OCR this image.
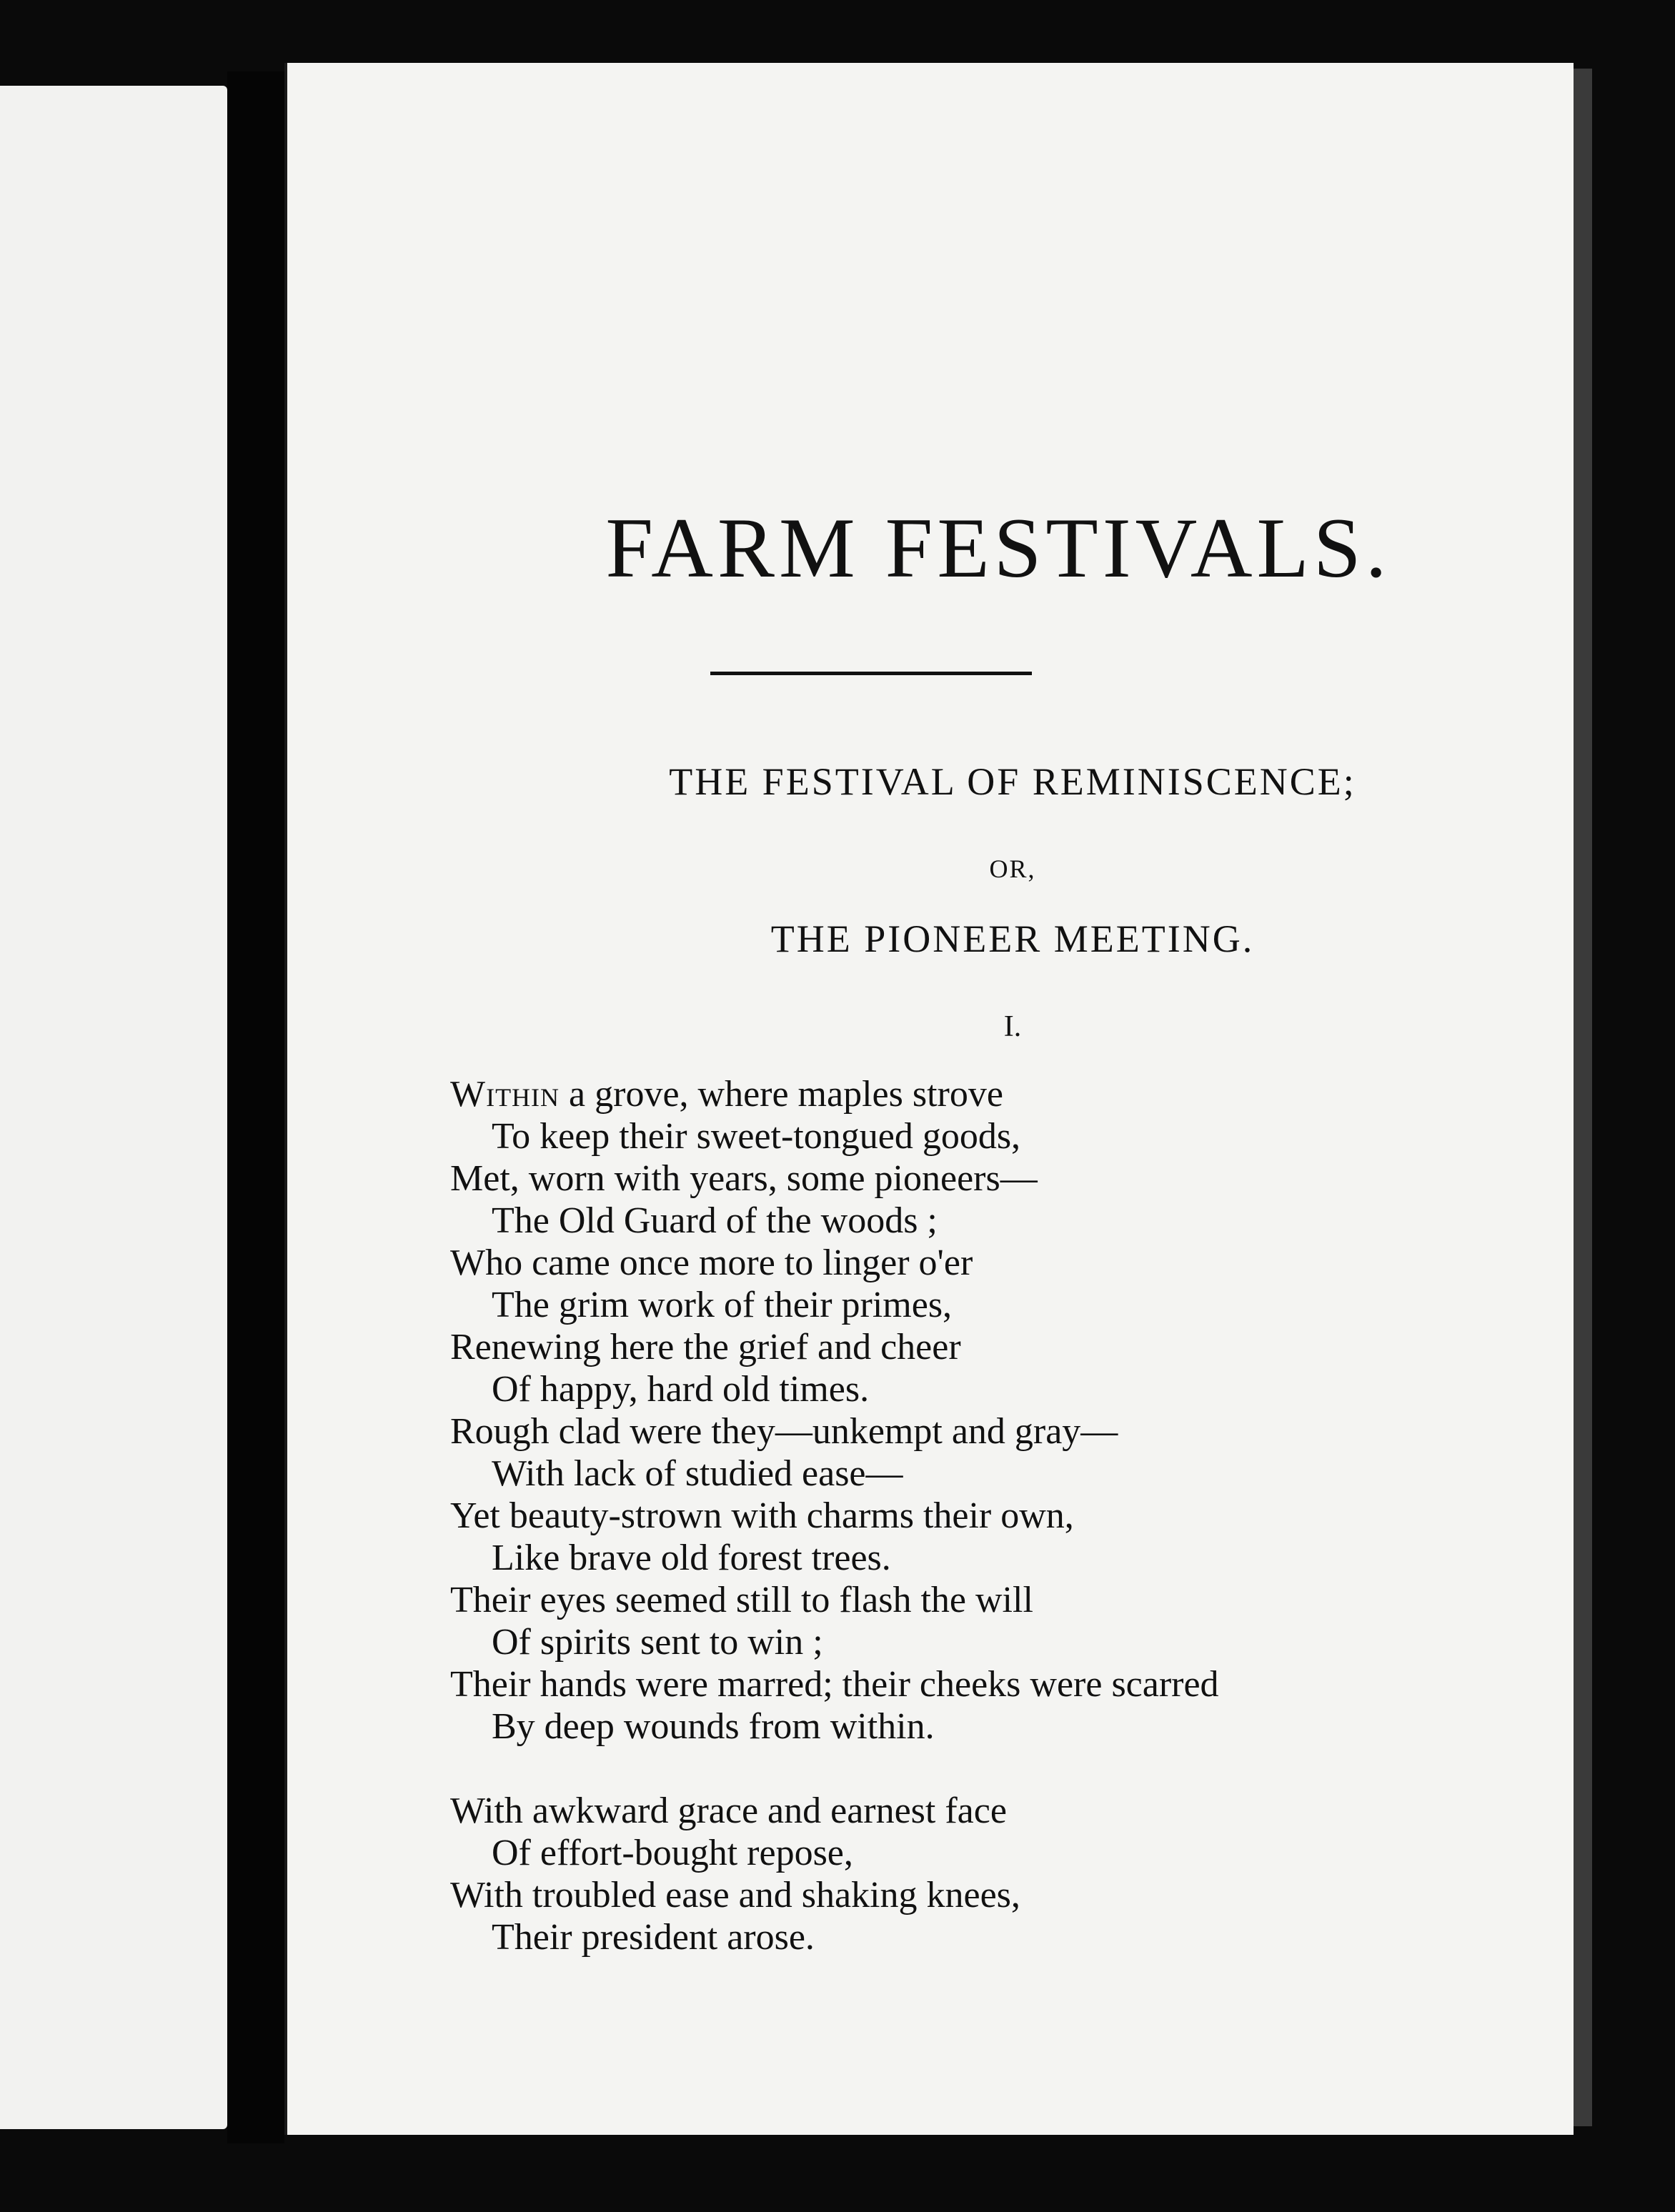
FARM FESTIVALS.
THE FESTIVAL OF REMINISCENCE;
OR,
THE PIONEER MEETING.
I.
Within a grove, where maples strove
To keep their sweet-tongued goods,
Met, worn with years, some pioneers—
The Old Guard of the woods ;
Who came once more to linger o'er
The grim work of their primes,
Renewing here the grief and cheer
Of happy, hard old times.
Rough clad were they—unkempt and gray—
With lack of studied ease—
Yet beauty-strown with charms their own,
Like brave old forest trees.
Their eyes seemed still to flash the will
Of spirits sent to win ;
Their hands were marred; their cheeks were scarred
By deep wounds from within.
With awkward grace and earnest face
Of effort-bought repose,
With troubled ease and shaking knees,
Their president arose.
